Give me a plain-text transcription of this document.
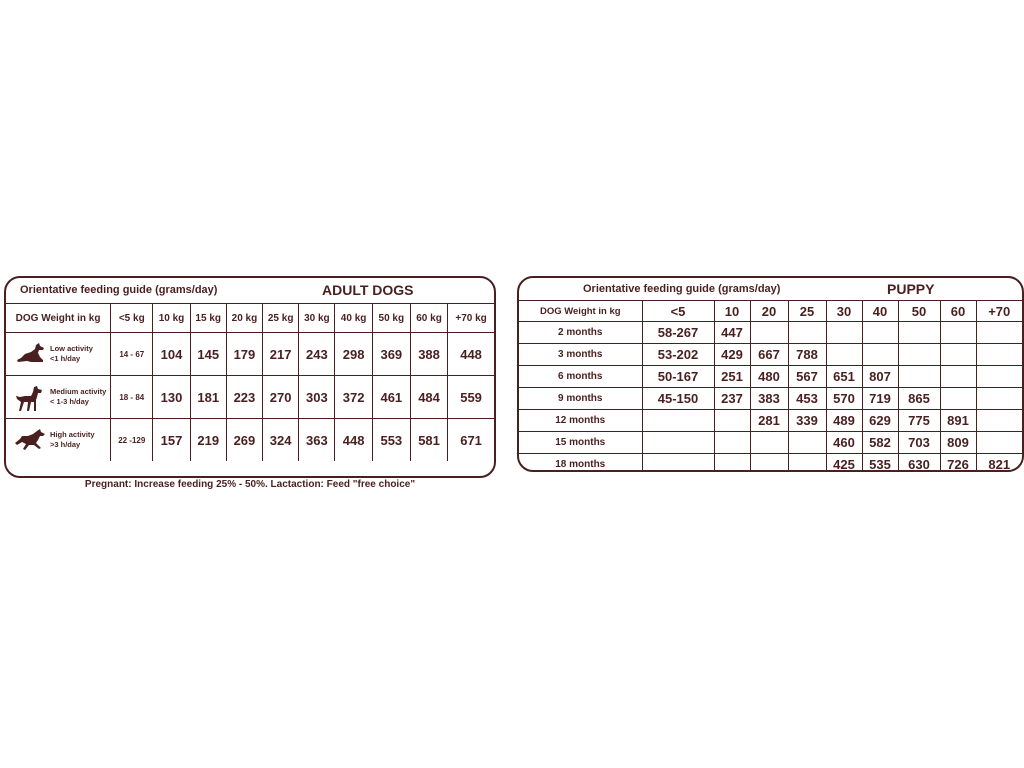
Orientative feeding guide (grams/day)	ADULT DOGS
DOG Weight in kg	<5 kg	10 kg	15 kg	20 kg	25 kg	30 kg	40 kg	50 kg	60 kg	+70 kg

Low activity
<1 h/day	14 - 67	104	145	179	217	243	298	369	388	448

Medium activity
< 1-3 h/day	18 - 84	130	181	223	270	303	372	461	484	559

High activity
>3 h/day	22 -129	157	219	269	324	363	448	553	581	671
Pregnant: Increase feeding 25% - 50%. Lactaction: Feed "free choice"
Orientative feeding guide (grams/day)	PUPPY
DOG Weight in kg	<5	10	20	25	30	40	50	60	+70
2 months	58-267	447							
3 months	53-202	429	667	788					
6 months	50-167	251	480	567	651	807			
9 months	45-150	237	383	453	570	719	865		
12 months			281	339	489	629	775	891	
15 months					460	582	703	809	
18 months					425	535	630	726	821
